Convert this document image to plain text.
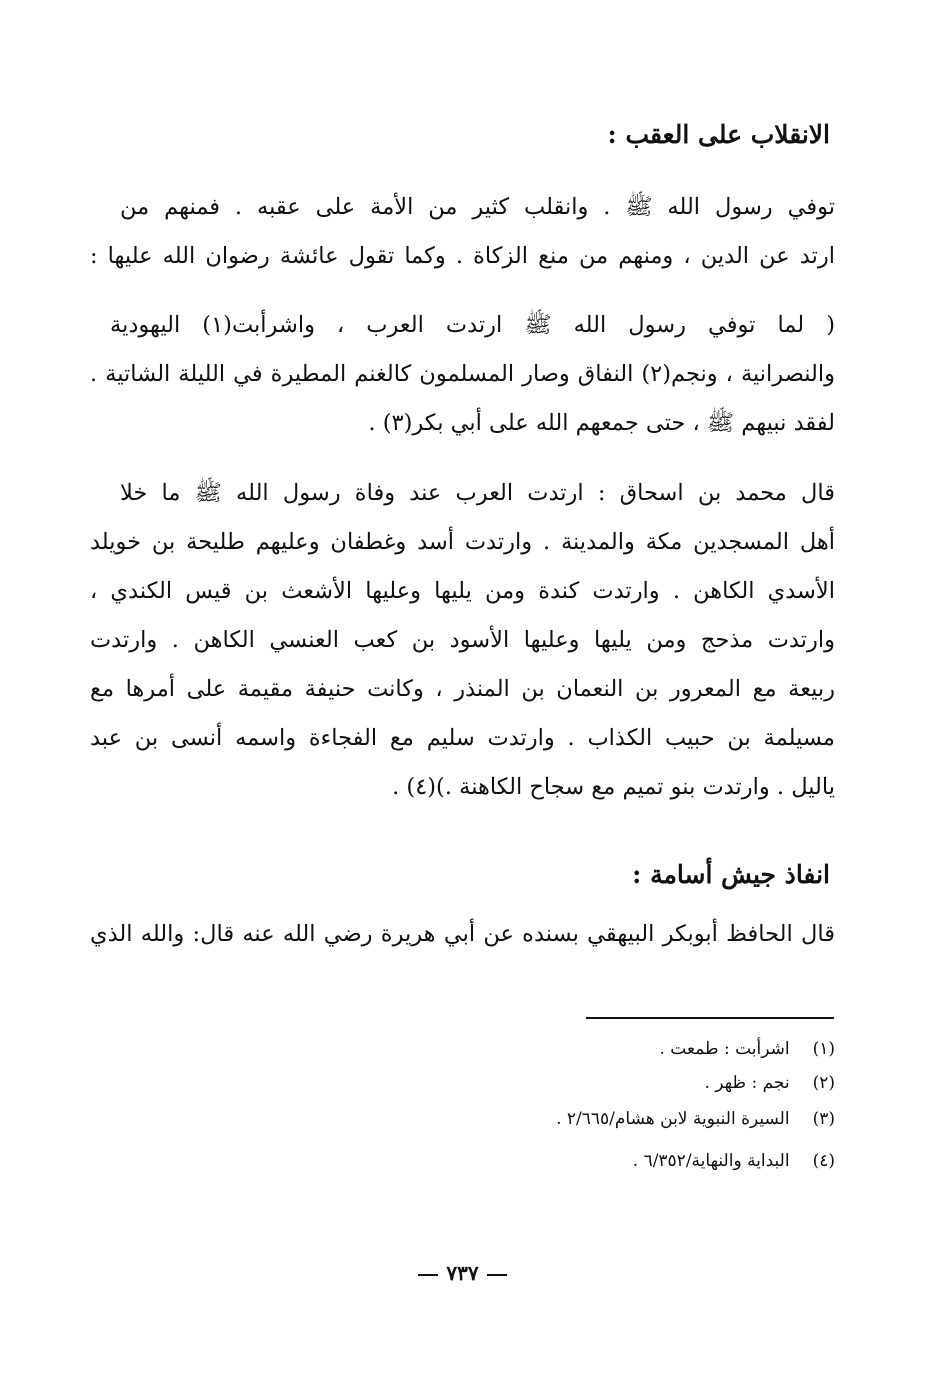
الانقلاب على العقب :
توفي رسول الله ﷺ . وانقلب كثير من الأمة على عقبه . فمنهم من
ارتد عن الدين ، ومنهم من منع الزكاة . وكما تقول عائشة رضوان الله عليها :
( لما توفي رسول الله ﷺ ارتدت العرب ، واشرأبت(١) اليهودية
والنصرانية ، ونجم(٢) النفاق وصار المسلمون كالغنم المطيرة في الليلة الشاتية .
لفقد نبيهم ﷺ ، حتى جمعهم الله على أبي بكر(٣) .
قال محمد بن اسحاق : ارتدت العرب عند وفاة رسول الله ﷺ ما خلا
أهل المسجدين مكة والمدينة . وارتدت أسد وغطفان وعليهم طليحة بن خويلد
الأسدي الكاهن . وارتدت كندة ومن يليها وعليها الأشعث بن قيس الكندي ،
وارتدت مذحج ومن يليها وعليها الأسود بن كعب العنسي الكاهن . وارتدت
ربيعة مع المعرور بن النعمان بن المنذر ، وكانت حنيفة مقيمة على أمرها مع
مسيلمة بن حبيب الكذاب . وارتدت سليم مع الفجاءة واسمه أنسى بن عبد
ياليل . وارتدت بنو تميم مع سجاح الكاهنة .)(٤) .
انفاذ جيش أسامة :
قال الحافظ أبوبكر البيهقي بسنده عن أبي هريرة رضي الله عنه قال: والله الذي
(١) اشرأبت : طمعت .
(٢) نجم : ظهر .
(٣) السيرة النبوية لابن هشام/٢/٦٦٥ .
(٤) البداية والنهاية/٦/٣٥٢ .
٧٣٧
